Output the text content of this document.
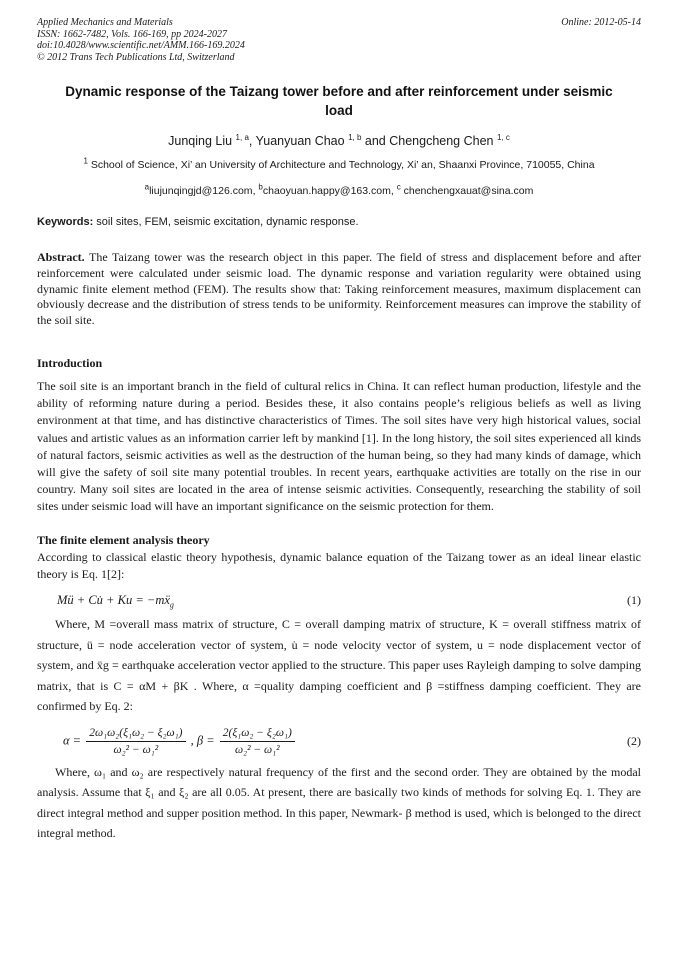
Applied Mechanics and Materials
ISSN: 1662-7482, Vols. 166-169, pp 2024-2027
doi:10.4028/www.scientific.net/AMM.166-169.2024
© 2012 Trans Tech Publications Ltd, Switzerland
Online: 2012-05-14
Dynamic response of the Taizang tower before and after reinforcement under seismic load
Junqing Liu $^{1, a}$, Yuanyuan Chao $^{1, b}$ and Chengcheng Chen $^{1, c}$
$^1$ School of Science, Xi’ an University of Architecture and Technology, Xi’ an, Shaanxi Province, 710055, China
$^a$liujunqingjd@126.com, $^b$chaoyuan.happy@163.com, $^c$ chenchengxauat@sina.com
Keywords: soil sites, FEM, seismic excitation, dynamic response.

Abstract. The Taizang tower was the research object in this paper. The field of stress and displacement before and after reinforcement were calculated under seismic load. The dynamic response and variation regularity were obtained using dynamic finite element method (FEM). The results show that: Taking reinforcement measures, maximum displacement can obviously decrease and the distribution of stress tends to be uniformity. Reinforcement measures can improve the stability of the soil site.

Introduction

The soil site is an important branch in the field of cultural relics in China. It can reflect human production, lifestyle and the ability of reforming nature during a period. Besides these, it also contains people’s religious beliefs as well as living environment at that time, and has distinctive characteristics of Times. The soil sites have very high historical values, social values and artistic values as an information carrier left by mankind [1]. In the long history, the soil sites experienced all kinds of natural factors, seismic activities as well as the destruction of the human being, so they had many kinds of damage, which will give the safety of soil site many potential troubles. In recent years, earthquake activities are totally on the rise in our country. Many soil sites are located in the area of intense seismic activities. Consequently, researching the stability of soil sites under seismic load will have an important significance on the seismic protection for them.

The finite element analysis theory

According to classical elastic theory hypothesis, dynamic balance equation of the Taizang tower as an ideal linear elastic theory is Eq. 1[2]:

Mü + Cu̇ + Ku = −mẍ$_g$	(1)

Where, M =overall mass matrix of structure, C = overall damping matrix of structure, K = overall stiffness matrix of structure, ü = node acceleration vector of system, u̇ = node velocity vector of system, u = node displacement vector of system, and ẍg = earthquake acceleration vector applied to the structure. This paper uses Rayleigh damping to solve damping matrix, that is C = αM + βK . Where, α =quality damping coefficient and β =stiffness damping coefficient. They are confirmed by Eq. 2:

$\alpha = \frac{\text{2ω₁ω₂(ξ₁ω₂ − ξ₂ω₁)}}{\text{ω₂² − ω₁²}}$ , $\beta = \frac{\text{2(ξ₁ω₂ − ξ₂ω₁)}}{\text{ω₂² − ω₁²}}$	(2)

Where, ω₁ and ω₂ are respectively natural frequency of the first and the second order. They are obtained by the modal analysis. Assume that ξ₁ and ξ₂ are all 0.05. At present, there are basically two kinds of methods for solving Eq. 1. They are direct integral method and supper position method. In this paper, Newmark- β method is used, which is belonged to the direct integral method.
